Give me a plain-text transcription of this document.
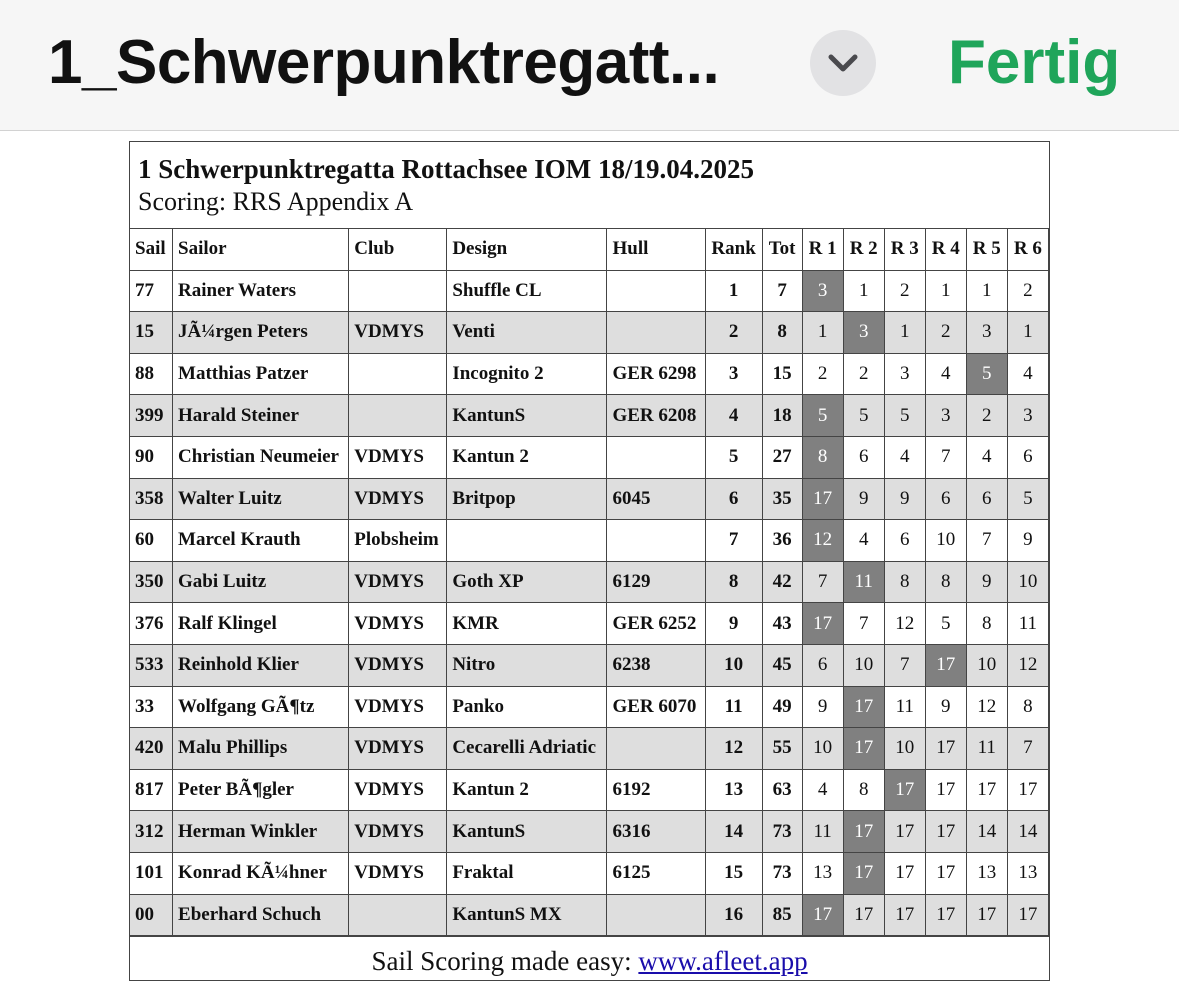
1_Schwerpunktregatt...	Fertig
1 Schwerpunktregatta Rottachsee IOM 18/19.04.2025
Scoring: RRS Appendix A
Sail	Sailor	Club	Design	Hull	Rank	Tot	R 1	R 2	R 3	R 4	R 5	R 6
77	Rainer Waters		Shuffle CL		1	7	3	1	2	1	1	2
15	JÃ¼rgen Peters	VDMYS	Venti		2	8	1	3	1	2	3	1
88	Matthias Patzer		Incognito 2	GER 6298	3	15	2	2	3	4	5	4
399	Harald Steiner		KantunS	GER 6208	4	18	5	5	5	3	2	3
90	Christian Neumeier	VDMYS	Kantun 2		5	27	8	6	4	7	4	6
358	Walter Luitz	VDMYS	Britpop	6045	6	35	17	9	9	6	6	5
60	Marcel Krauth	Plobsheim			7	36	12	4	6	10	7	9
350	Gabi Luitz	VDMYS	Goth XP	6129	8	42	7	11	8	8	9	10
376	Ralf Klingel	VDMYS	KMR	GER 6252	9	43	17	7	12	5	8	11
533	Reinhold Klier	VDMYS	Nitro	6238	10	45	6	10	7	17	10	12
33	Wolfgang GÃ¶tz	VDMYS	Panko	GER 6070	11	49	9	17	11	9	12	8
420	Malu Phillips	VDMYS	Cecarelli Adriatic		12	55	10	17	10	17	11	7
817	Peter BÃ¶gler	VDMYS	Kantun 2	6192	13	63	4	8	17	17	17	17
312	Herman Winkler	VDMYS	KantunS	6316	14	73	11	17	17	17	14	14
101	Konrad KÃ¼hner	VDMYS	Fraktal	6125	15	73	13	17	17	17	13	13
00	Eberhard Schuch		KantunS MX		16	85	17	17	17	17	17	17
Sail Scoring made easy: www.afleet.app
